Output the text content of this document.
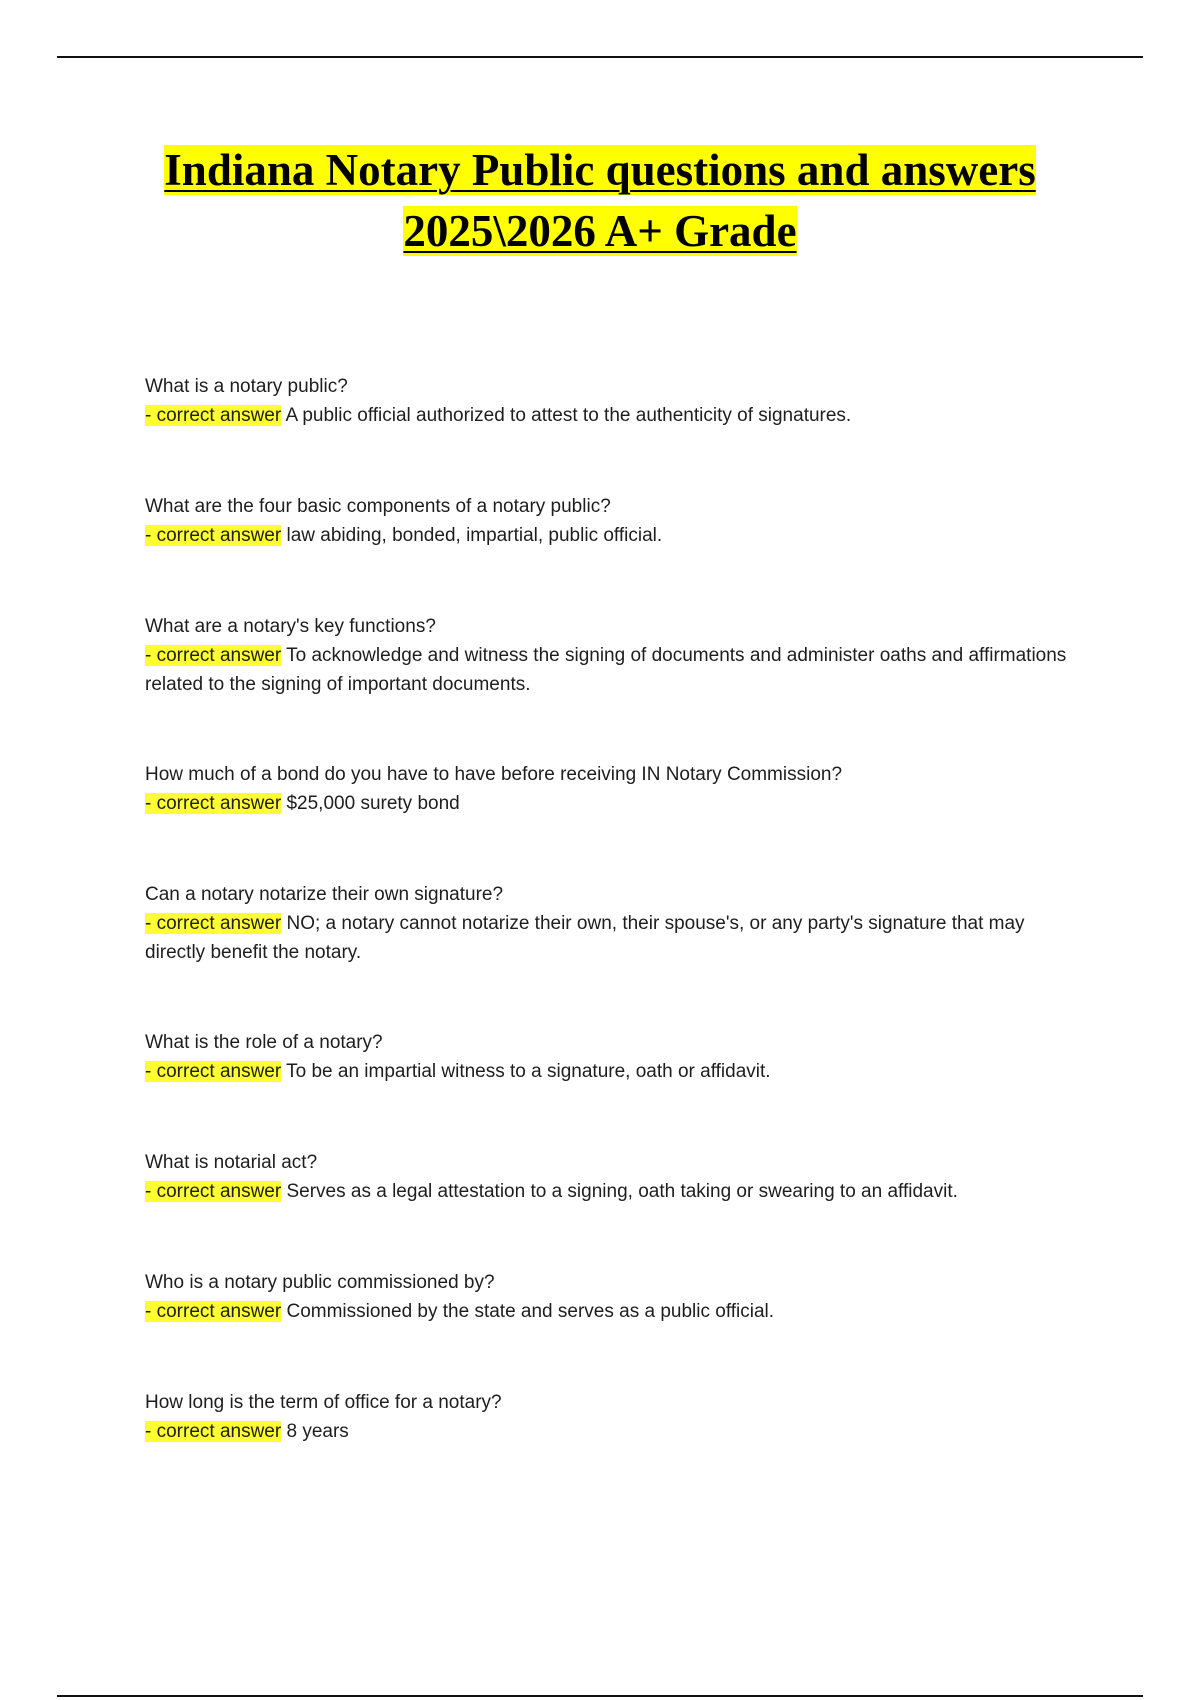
Indiana Notary Public questions and answers
2025\2026 A+ Grade
What is a notary public?
- correct answer A public official authorized to attest to the authenticity of signatures.
What are the four basic components of a notary public?
- correct answer law abiding, bonded, impartial, public official.
What are a notary's key functions?
- correct answer To acknowledge and witness the signing of documents and administer oaths and affirmations related to the signing of important documents.
How much of a bond do you have to have before receiving IN Notary Commission?
- correct answer $25,000 surety bond
Can a notary notarize their own signature?
- correct answer NO; a notary cannot notarize their own, their spouse's, or any party's signature that may directly benefit the notary.
What is the role of a notary?
- correct answer To be an impartial witness to a signature, oath or affidavit.
What is notarial act?
- correct answer Serves as a legal attestation to a signing, oath taking or swearing to an affidavit.
Who is a notary public commissioned by?
- correct answer Commissioned by the state and serves as a public official.
How long is the term of office for a notary?
- correct answer 8 years
